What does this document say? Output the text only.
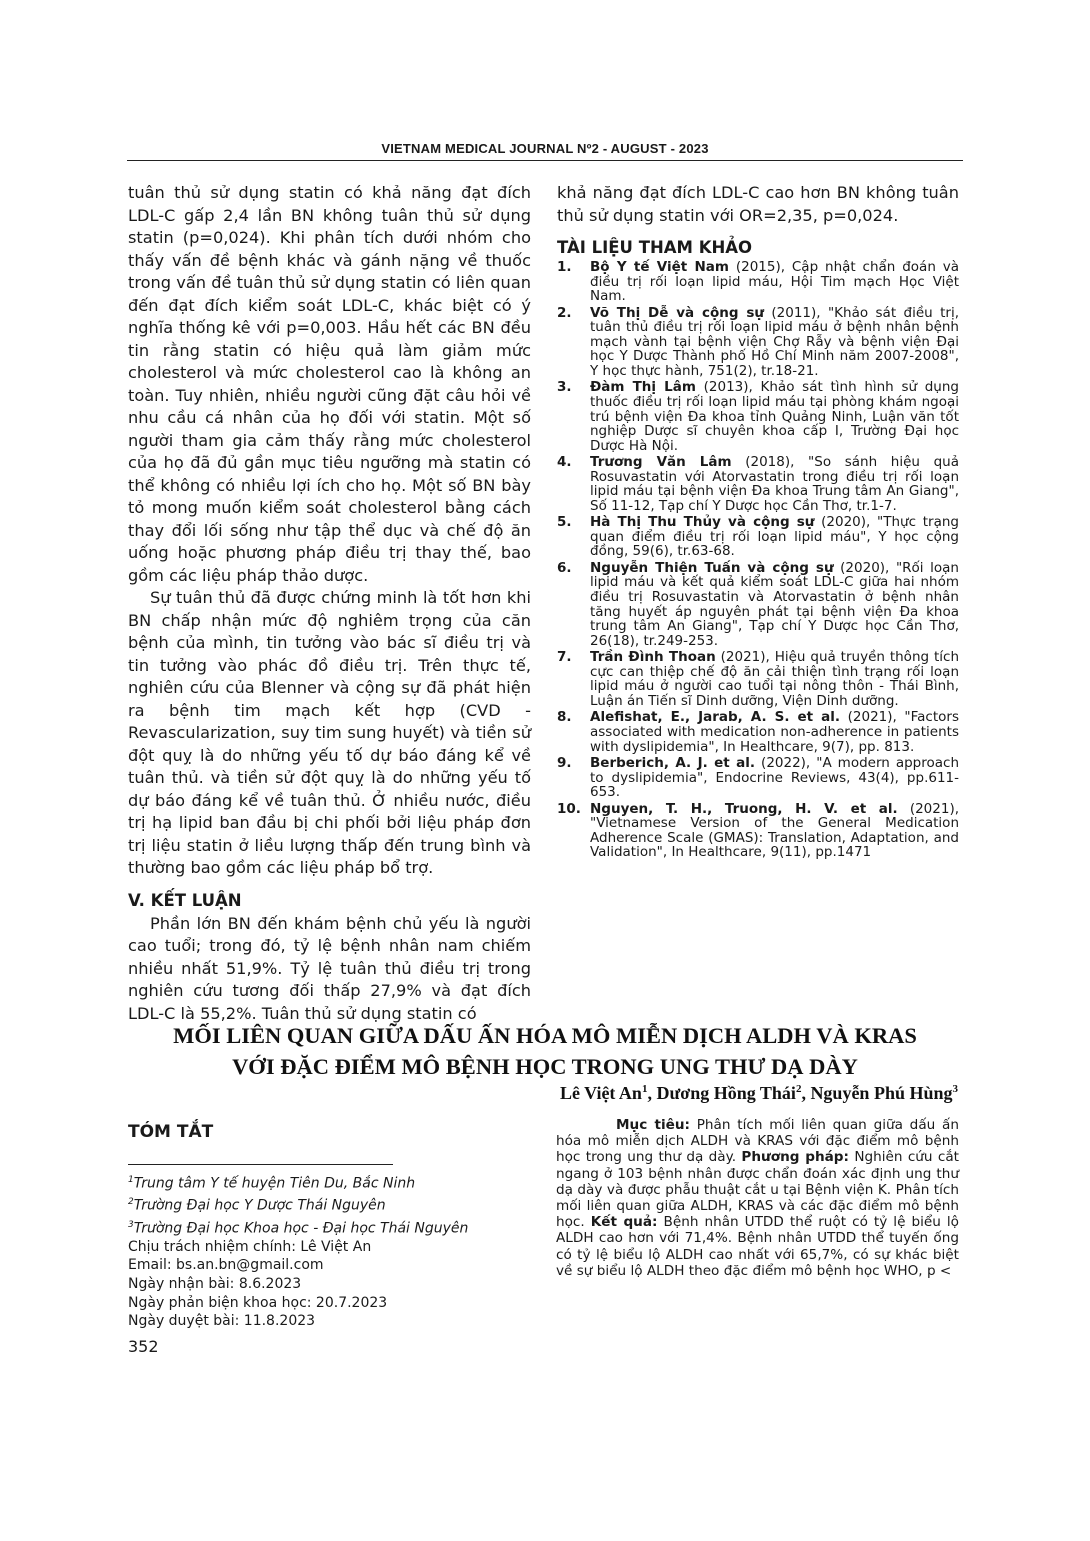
VIETNAM MEDICAL JOURNAL Nº2 - AUGUST - 2023

tuân thủ sử dụng statin có khả năng đạt đích LDL-C gấp 2,4 lần BN không tuân thủ sử dụng statin (p=0,024). Khi phân tích dưới nhóm cho thấy vấn đề bệnh khác và gánh nặng về thuốc trong vấn đề tuân thủ sử dụng statin có liên quan đến đạt đích kiểm soát LDL-C, khác biệt có ý nghĩa thống kê với p=0,003. Hầu hết các BN đều tin rằng statin có hiệu quả làm giảm mức cholesterol và mức cholesterol cao là không an toàn. Tuy nhiên, nhiều người cũng đặt câu hỏi về nhu cầu cá nhân của họ đối với statin. Một số người tham gia cảm thấy rằng mức cholesterol của họ đã đủ gần mục tiêu ngưỡng mà statin có thể không có nhiều lợi ích cho họ. Một số BN bày tỏ mong muốn kiểm soát cholesterol bằng cách thay đổi lối sống như tập thể dục và chế độ ăn uống hoặc phương pháp điều trị thay thế, bao gồm các liệu pháp thảo dược.

Sự tuân thủ đã được chứng minh là tốt hơn khi BN chấp nhận mức độ nghiêm trọng của căn bệnh của mình, tin tưởng vào bác sĩ điều trị và tin tưởng vào phác đồ điều trị. Trên thực tế, nghiên cứu của Blenner và cộng sự đã phát hiện ra bệnh tim mạch kết hợp (CVD - Revascularization, suy tim sung huyết) và tiền sử đột quỵ là do những yếu tố dự báo đáng kể về tuân thủ. và tiền sử đột quỵ là do những yếu tố dự báo đáng kể về tuân thủ. Ở nhiều nước, điều trị hạ lipid ban đầu bị chi phối bởi liệu pháp đơn trị liệu statin ở liều lượng thấp đến trung bình và thường bao gồm các liệu pháp bổ trợ.

V. KẾT LUẬN

Phần lớn BN đến khám bệnh chủ yếu là người cao tuổi; trong đó, tỷ lệ bệnh nhân nam chiếm nhiều nhất 51,9%. Tỷ lệ tuân thủ điều trị trong nghiên cứu tương đối thấp 27,9% và đạt đích LDL-C là 55,2%. Tuân thủ sử dụng statin có

khả năng đạt đích LDL-C cao hơn BN không tuân thủ sử dụng statin với OR=2,35, p=0,024.

TÀI LIỆU THAM KHẢO
1. Bộ Y tế Việt Nam (2015), Cập nhật chẩn đoán và điều trị rối loạn lipid máu, Hội Tim mạch Học Việt Nam.
2. Võ Thị Dễ và cộng sự (2011), "Khảo sát điều trị, tuân thủ điều trị rối loạn lipid máu ở bệnh nhân bệnh mạch vành tại bệnh viện Chợ Rẫy và bệnh viện Đại học Y Dược Thành phố Hồ Chí Minh năm 2007-2008", Y học thực hành, 751(2), tr.18-21.
3. Đàm Thị Lâm (2013), Khảo sát tình hình sử dụng thuốc điều trị rối loạn lipid máu tại phòng khám ngoại trú bệnh viện Đa khoa tỉnh Quảng Ninh, Luận văn tốt nghiệp Dược sĩ chuyên khoa cấp I, Trường Đại học Dược Hà Nội.
4. Trương Văn Lâm (2018), "So sánh hiệu quả Rosuvastatin với Atorvastatin trong điều trị rối loạn lipid máu tại bệnh viện Đa khoa Trung tâm An Giang", Số 11-12, Tạp chí Y Dược học Cần Thơ, tr.1-7.
5. Hà Thị Thu Thủy và cộng sự (2020), "Thực trạng quan điểm điều trị rối loạn lipid máu", Y học cộng đồng, 59(6), tr.63-68.
6. Nguyễn Thiện Tuấn và cộng sự (2020), "Rối loạn lipid máu và kết quả kiểm soát LDL-C giữa hai nhóm điều trị Rosuvastatin và Atorvastatin ở bệnh nhân tăng huyết áp nguyên phát tại bệnh viện Đa khoa trung tâm An Giang", Tạp chí Y Dược học Cần Thơ, 26(18), tr.249-253.
7. Trần Đình Thoan (2021), Hiệu quả truyền thông tích cực can thiệp chế độ ăn cải thiện tình trạng rối loạn lipid máu ở người cao tuổi tại nông thôn - Thái Bình, Luận án Tiến sĩ Dinh dưỡng, Viện Dinh dưỡng.
8. Alefishat, E., Jarab, A. S. et al. (2021), "Factors associated with medication non-adherence in patients with dyslipidemia", In Healthcare, 9(7), pp. 813.
9. Berberich, A. J. et al. (2022), "A modern approach to dyslipidemia", Endocrine Reviews, 43(4), pp.611-653.
10. Nguyen, T. H., Truong, H. V. et al. (2021), "Vietnamese Version of the General Medication Adherence Scale (GMAS): Translation, Adaptation, and Validation", In Healthcare, 9(11), pp.1471
MỐI LIÊN QUAN GIỮA DẤU ẤN HÓA MÔ MIỄN DỊCH ALDH VÀ KRAS
VỚI ĐẶC ĐIỂM MÔ BỆNH HỌC TRONG UNG THƯ DẠ DÀY
Lê Việt An$^1$, Dương Hồng Thái$^2$, Nguyễn Phú Hùng$^3$
TÓM TẮT
$^1$Trung tâm Y tế huyện Tiên Du, Bắc Ninh
$^2$Trường Đại học Y Dược Thái Nguyên
$^3$Trường Đại học Khoa học - Đại học Thái Nguyên
Chịu trách nhiệm chính: Lê Việt An
Email: bs.an.bn@gmail.com
Ngày nhận bài: 8.6.2023
Ngày phản biện khoa học: 20.7.2023
Ngày duyệt bài: 11.8.2023
Mục tiêu: Phân tích mối liên quan giữa dấu ấn hóa mô miễn dịch ALDH và KRAS với đặc điểm mô bệnh học trong ung thư dạ dày. Phương pháp: Nghiên cứu cắt ngang ở 103 bệnh nhân được chẩn đoán xác định ung thư dạ dày và được phẫu thuật cắt u tại Bệnh viện K. Phân tích mối liên quan giữa ALDH, KRAS và các đặc điểm mô bệnh học. Kết quả: Bệnh nhân UTDD thể ruột có tỷ lệ biểu lộ ALDH cao hơn với 71,4%. Bệnh nhân UTDD thể tuyến ống có tỷ lệ biểu lộ ALDH cao nhất với 65,7%, có sự khác biệt về sự biểu lộ ALDH theo đặc điểm mô bệnh học WHO, p <
352
